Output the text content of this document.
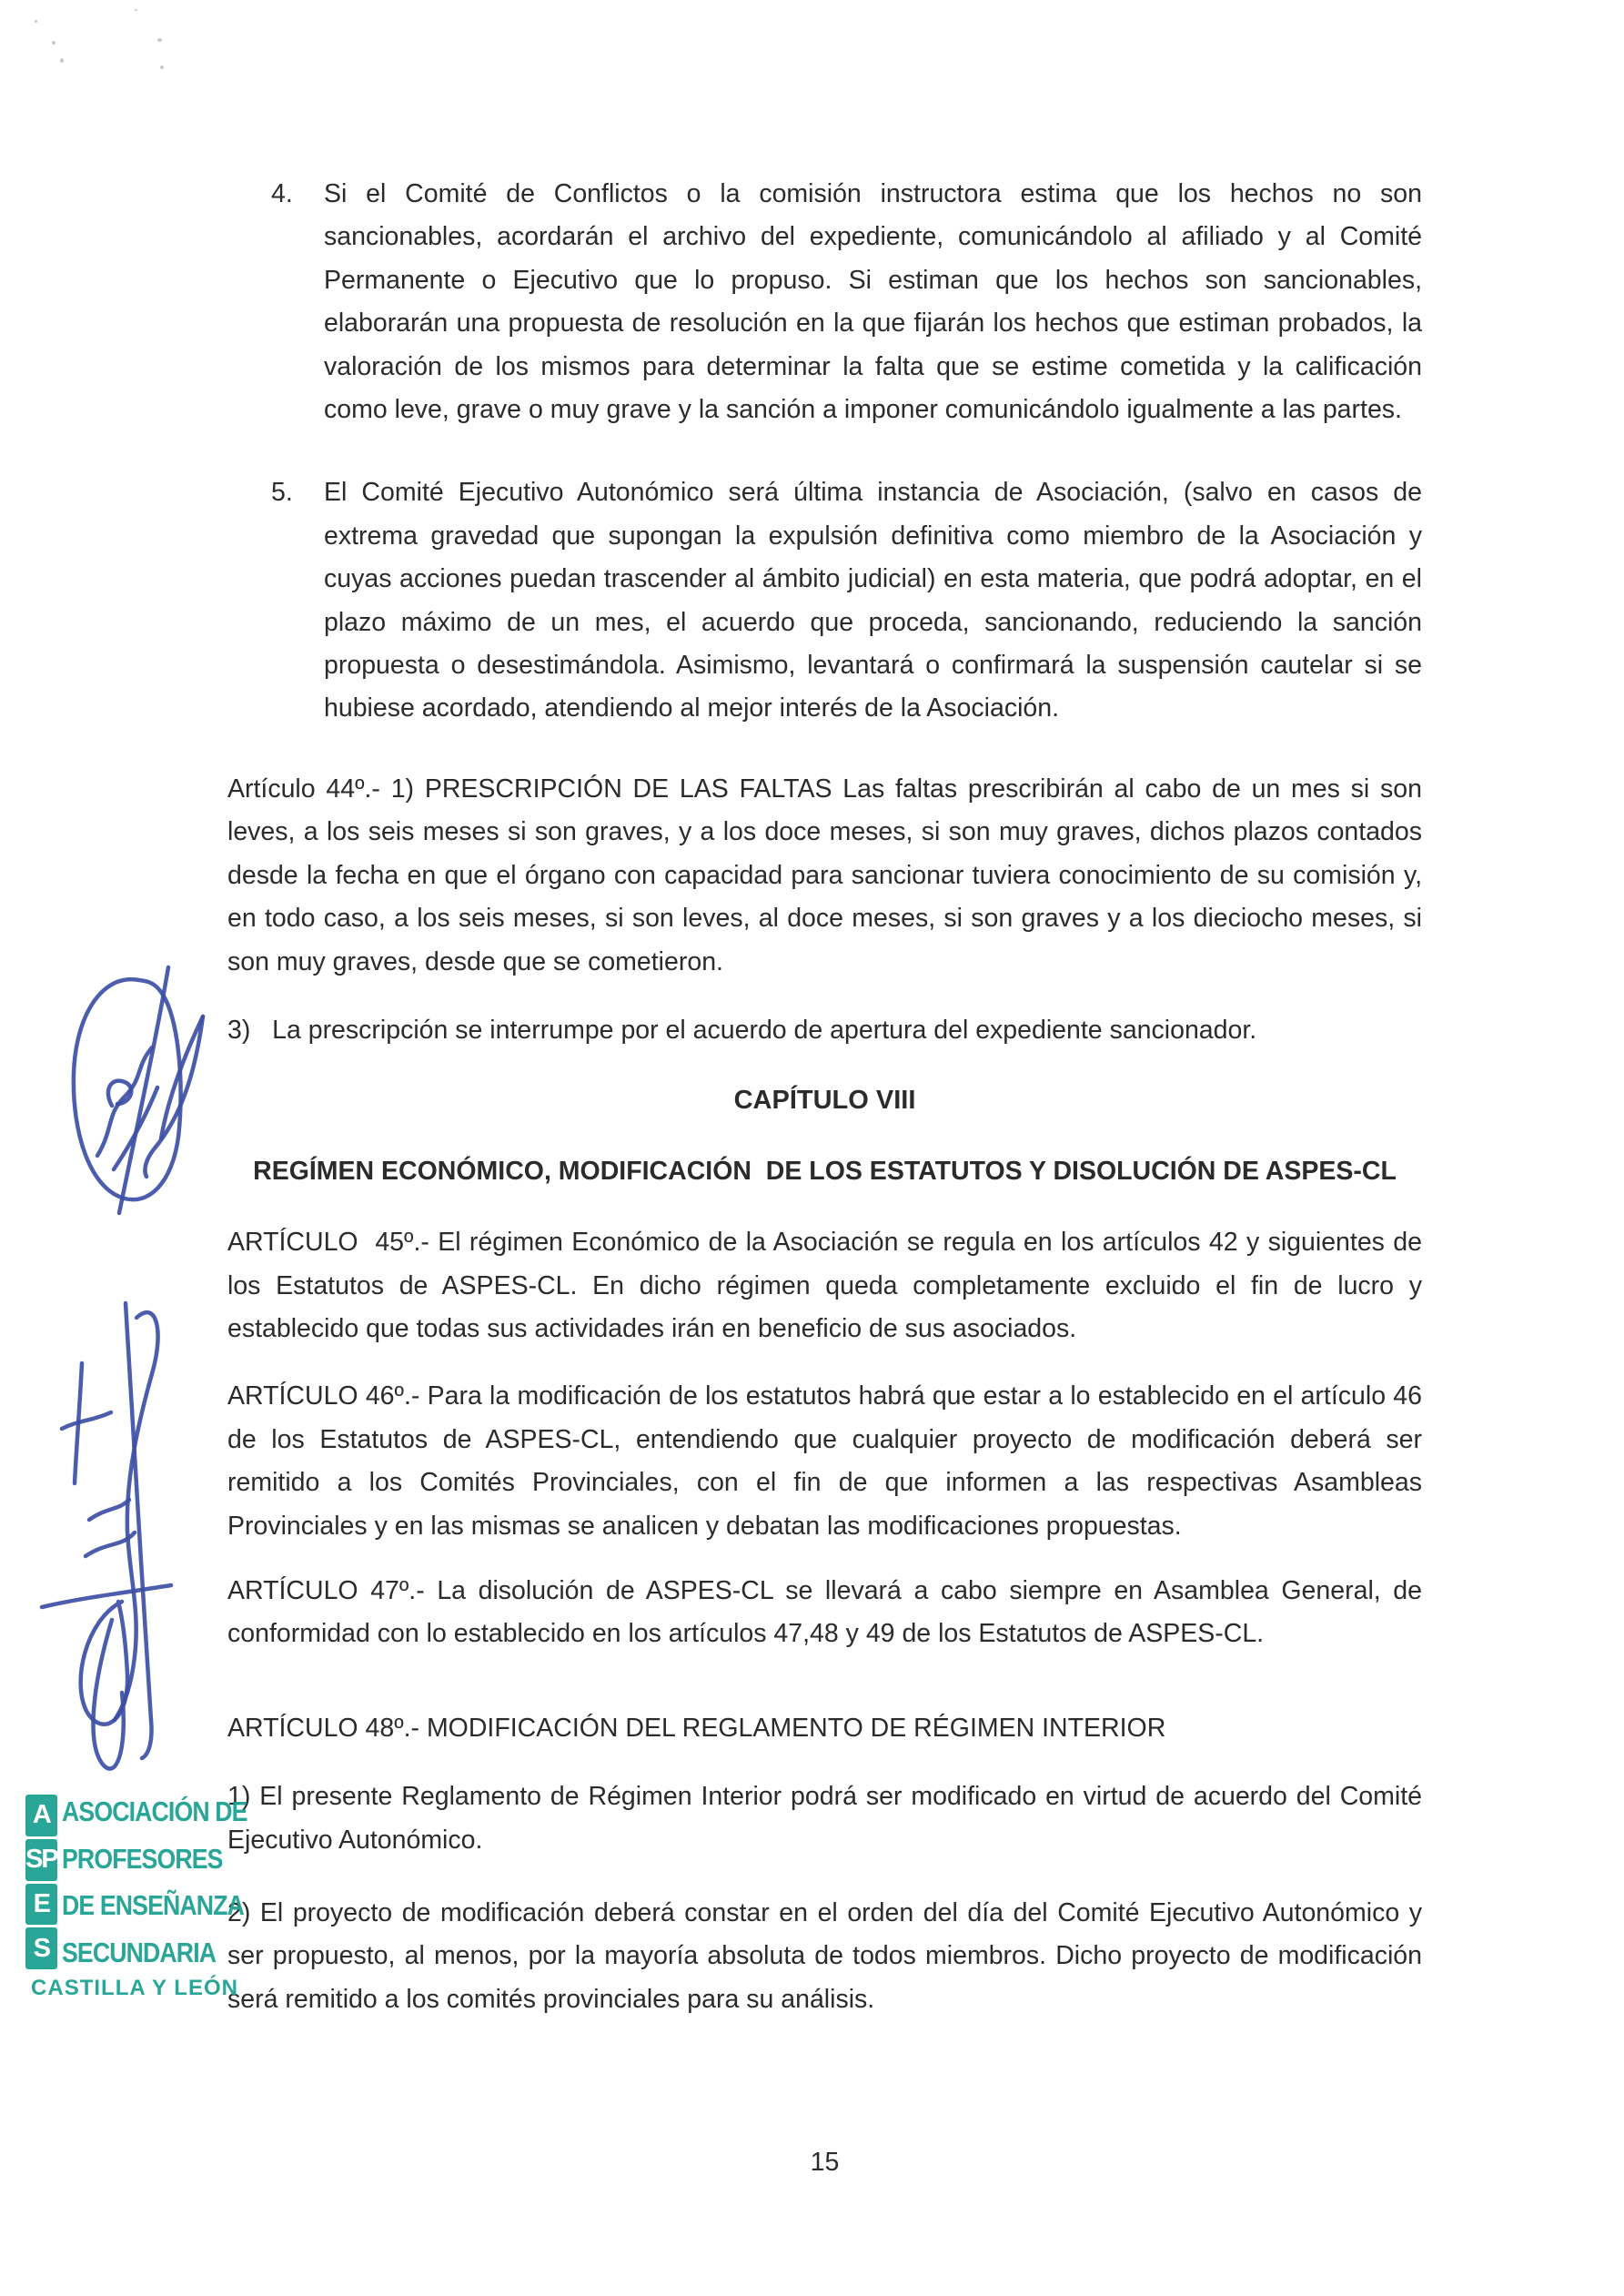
4.	Si el Comité de Conflictos o la comisión instructora estima que los hechos no son sancionables, acordarán el archivo del expediente, comunicándolo al afiliado y al Comité Permanente o Ejecutivo que lo propuso. Si estiman que los hechos son sancionables, elaborarán una propuesta de resolución en la que fijarán los hechos que estiman probados, la valoración de los mismos para determinar la falta que se estime cometida y la calificación como leve, grave o muy grave y la sanción a imponer comunicándolo igualmente a las partes.
5.	El Comité Ejecutivo Autonómico será última instancia de Asociación, (salvo en casos de extrema gravedad que supongan la expulsión definitiva como miembro de la Asociación y cuyas acciones puedan trascender al ámbito judicial) en esta materia, que podrá adoptar, en el plazo máximo de un mes, el acuerdo que proceda, sancionando, reduciendo la sanción propuesta o desestimándola. Asimismo, levantará o confirmará la suspensión cautelar si se hubiese acordado, atendiendo al mejor interés de la Asociación.

Artículo 44º.- 1) PRESCRIPCIÓN DE LAS FALTAS Las faltas prescribirán al cabo de un mes si son leves, a los seis meses si son graves, y a los doce meses, si son muy graves, dichos plazos contados desde la fecha en que el órgano con capacidad para sancionar tuviera conocimiento de su comisión y, en todo caso, a los seis meses, si son leves, al doce meses, si son graves y a los dieciocho meses, si son muy graves, desde que se cometieron.

3)   La prescripción se interrumpe por el acuerdo de apertura del expediente sancionador.

CAPÍTULO VIII
REGÍMEN ECONÓMICO, MODIFICACIÓN  DE LOS ESTATUTOS Y DISOLUCIÓN DE ASPES-CL

ARTÍCULO  45º.- El régimen Económico de la Asociación se regula en los artículos 42 y siguientes de los Estatutos de ASPES-CL. En dicho régimen queda completamente excluido el fin de lucro y establecido que todas sus actividades irán en beneficio de sus asociados.

ARTÍCULO 46º.- Para la modificación de los estatutos habrá que estar a lo establecido en el artículo 46 de los Estatutos de ASPES-CL, entendiendo que cualquier proyecto de modificación deberá ser remitido a los Comités Provinciales, con el fin de que informen a las respectivas Asambleas Provinciales y en las mismas se analicen y debatan las modificaciones propuestas.

ARTÍCULO 47º.- La disolución de ASPES-CL se llevará a cabo siempre en Asamblea General, de conformidad con lo establecido en los artículos 47,48 y 49 de los Estatutos de ASPES-CL.

ARTÍCULO 48º.- MODIFICACIÓN DEL REGLAMENTO DE RÉGIMEN INTERIOR

1) El presente Reglamento de Régimen Interior podrá ser modificado en virtud de acuerdo del Comité Ejecutivo Autonómico.

2) El proyecto de modificación deberá constar en el orden del día del Comité Ejecutivo Autonómico y ser propuesto, al menos, por la mayoría absoluta de todos miembros. Dicho proyecto de modificación será remitido a los comités provinciales para su análisis.

15
A
SP
E
S
ASOCIACIÓN DE
PROFESORES
DE ENSEÑANZA
SECUNDARIA
CASTILLA Y LEÓN
